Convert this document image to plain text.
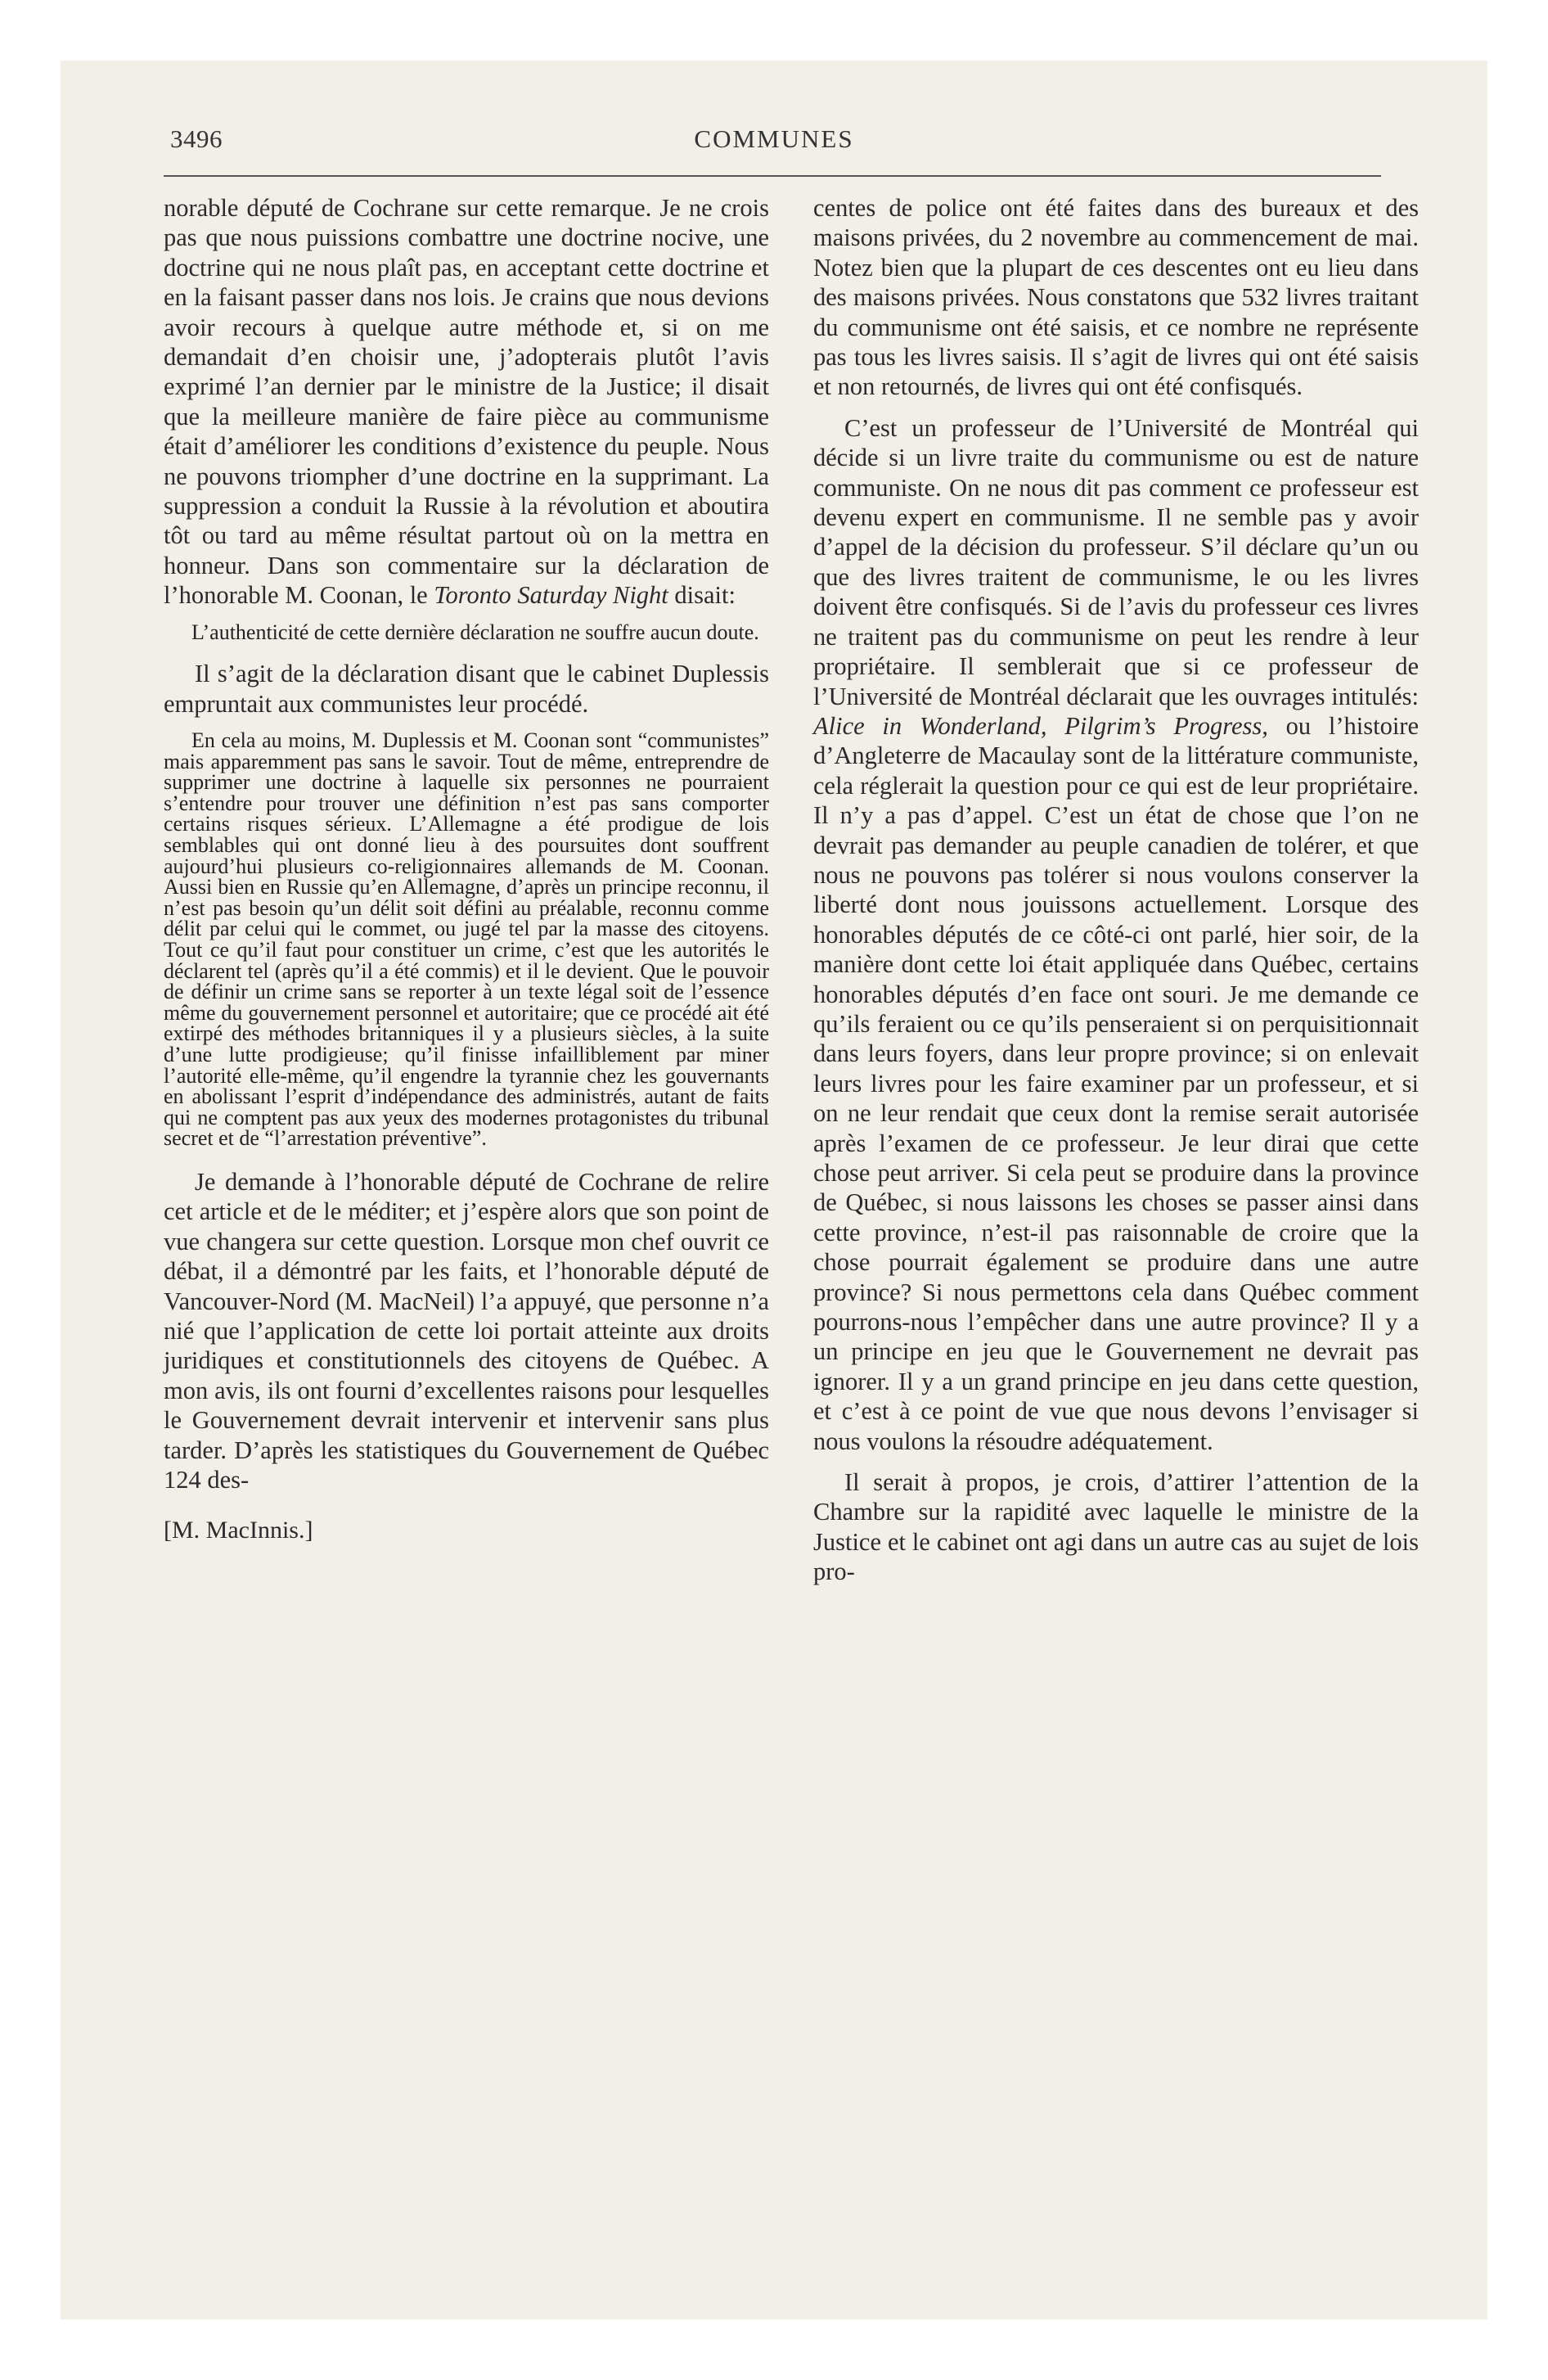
3496	COMMUNES

norable député de Cochrane sur cette remarque. Je ne crois pas que nous puissions combattre une doctrine nocive, une doctrine qui ne nous plaît pas, en acceptant cette doctrine et en la faisant passer dans nos lois. Je crains que nous devions avoir recours à quelque autre méthode et, si on me demandait d’en choisir une, j’adopterais plutôt l’avis exprimé l’an dernier par le ministre de la Justice; il disait que la meilleure manière de faire pièce au communisme était d’améliorer les conditions d’existence du peuple. Nous ne pouvons triompher d’une doctrine en la supprimant. La suppression a conduit la Russie à la révolution et aboutira tôt ou tard au même résultat partout où on la mettra en honneur. Dans son commentaire sur la déclaration de l’honorable M. Coonan, le Toronto Saturday Night disait:

L’authenticité de cette dernière déclaration ne souffre aucun doute.

Il s’agit de la déclaration disant que le cabinet Duplessis empruntait aux communistes leur procédé.

En cela au moins, M. Duplessis et M. Coonan sont “communistes” mais apparemment pas sans le savoir. Tout de même, entreprendre de supprimer une doctrine à laquelle six personnes ne pourraient s’entendre pour trouver une définition n’est pas sans comporter certains risques sérieux. L’Allemagne a été prodigue de lois semblables qui ont donné lieu à des poursuites dont souffrent aujourd’hui plusieurs co-religionnaires allemands de M. Coonan. Aussi bien en Russie qu’en Allemagne, d’après un principe reconnu, il n’est pas besoin qu’un délit soit défini au préalable, reconnu comme délit par celui qui le commet, ou jugé tel par la masse des citoyens. Tout ce qu’il faut pour constituer un crime, c’est que les autorités le déclarent tel (après qu’il a été commis) et il le devient. Que le pouvoir de définir un crime sans se reporter à un texte légal soit de l’essence même du gouvernement personnel et autoritaire; que ce procédé ait été extirpé des méthodes britanniques il y a plusieurs siècles, à la suite d’une lutte prodigieuse; qu’il finisse infailliblement par miner l’autorité elle-même, qu’il engendre la tyrannie chez les gouvernants en abolissant l’esprit d’indépendance des administrés, autant de faits qui ne comptent pas aux yeux des modernes protagonistes du tribunal secret et de “l’arrestation préventive”.

Je demande à l’honorable député de Cochrane de relire cet article et de le méditer; et j’espère alors que son point de vue changera sur cette question. Lorsque mon chef ouvrit ce débat, il a démontré par les faits, et l’honorable député de Vancouver-Nord (M. MacNeil) l’a appuyé, que personne n’a nié que l’application de cette loi portait atteinte aux droits juridiques et constitutionnels des citoyens de Québec. A mon avis, ils ont fourni d’excellentes raisons pour lesquelles le Gouvernement devrait intervenir et intervenir sans plus tarder. D’après les statistiques du Gouvernement de Québec 124 des-

[M. MacInnis.]

centes de police ont été faites dans des bureaux et des maisons privées, du 2 novembre au commencement de mai. Notez bien que la plupart de ces descentes ont eu lieu dans des maisons privées. Nous constatons que 532 livres traitant du communisme ont été saisis, et ce nombre ne représente pas tous les livres saisis. Il s’agit de livres qui ont été saisis et non retournés, de livres qui ont été confisqués.

C’est un professeur de l’Université de Montréal qui décide si un livre traite du communisme ou est de nature communiste. On ne nous dit pas comment ce professeur est devenu expert en communisme. Il ne semble pas y avoir d’appel de la décision du professeur. S’il déclare qu’un ou que des livres traitent de communisme, le ou les livres doivent être confisqués. Si de l’avis du professeur ces livres ne traitent pas du communisme on peut les rendre à leur propriétaire. Il semblerait que si ce professeur de l’Université de Montréal déclarait que les ouvrages intitulés: Alice in Wonderland, Pilgrim’s Progress, ou l’histoire d’Angleterre de Macaulay sont de la littérature communiste, cela réglerait la question pour ce qui est de leur propriétaire. Il n’y a pas d’appel. C’est un état de chose que l’on ne devrait pas demander au peuple canadien de tolérer, et que nous ne pouvons pas tolérer si nous voulons conserver la liberté dont nous jouissons actuellement. Lorsque des honorables députés de ce côté-ci ont parlé, hier soir, de la manière dont cette loi était appliquée dans Québec, certains honorables députés d’en face ont souri. Je me demande ce qu’ils feraient ou ce qu’ils penseraient si on perquisitionnait dans leurs foyers, dans leur propre province; si on enlevait leurs livres pour les faire examiner par un professeur, et si on ne leur rendait que ceux dont la remise serait autorisée après l’examen de ce professeur. Je leur dirai que cette chose peut arriver. Si cela peut se produire dans la province de Québec, si nous laissons les choses se passer ainsi dans cette province, n’est-il pas raisonnable de croire que la chose pourrait également se produire dans une autre province? Si nous permettons cela dans Québec comment pourrons-nous l’empêcher dans une autre province? Il y a un principe en jeu que le Gouvernement ne devrait pas ignorer. Il y a un grand principe en jeu dans cette question, et c’est à ce point de vue que nous devons l’envisager si nous voulons la résoudre adéquatement.

Il serait à propos, je crois, d’attirer l’attention de la Chambre sur la rapidité avec laquelle le ministre de la Justice et le cabinet ont agi dans un autre cas au sujet de lois pro-
